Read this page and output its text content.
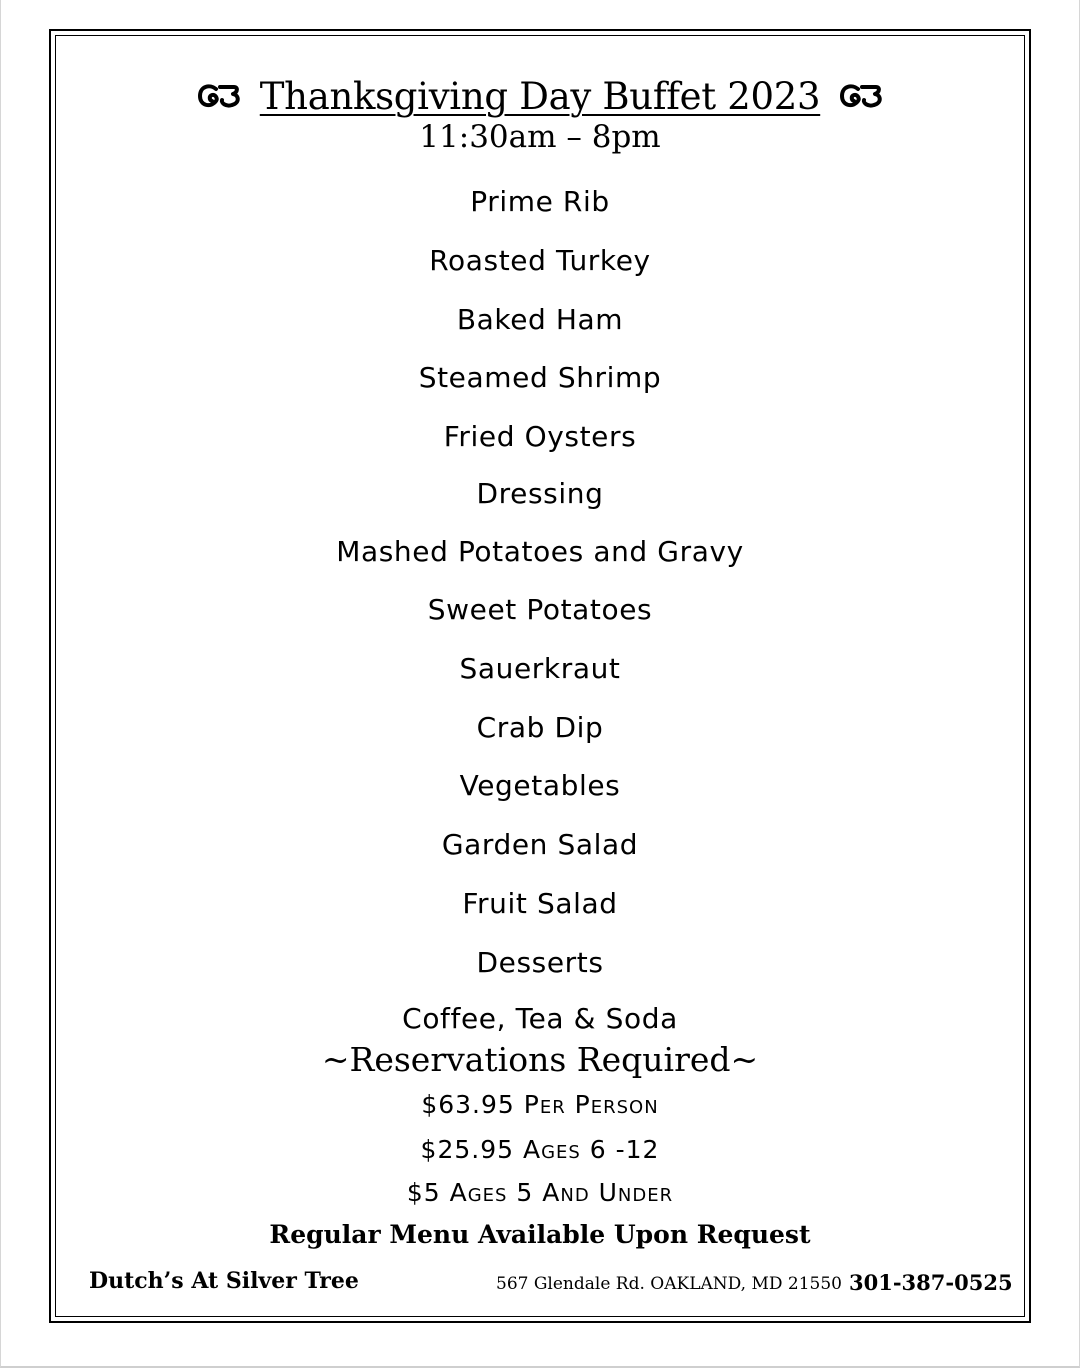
Thanksgiving Day Buffet 2023
11:30am – 8pm
Prime Rib
Roasted Turkey
Baked Ham
Steamed Shrimp
Fried Oysters
Dressing
Mashed Potatoes and Gravy
Sweet Potatoes
Sauerkraut
Crab Dip
Vegetables
Garden Salad
Fruit Salad
Desserts
Coffee, Tea & Soda
~Reservations Required~
$63.95 Per Person
$25.95 Ages 6 -12
$5 Ages 5 And Under
Regular Menu Available Upon Request
Dutch’s At Silver Tree	567 Glendale Rd. OAKLAND, MD 21550 301-387-0525
